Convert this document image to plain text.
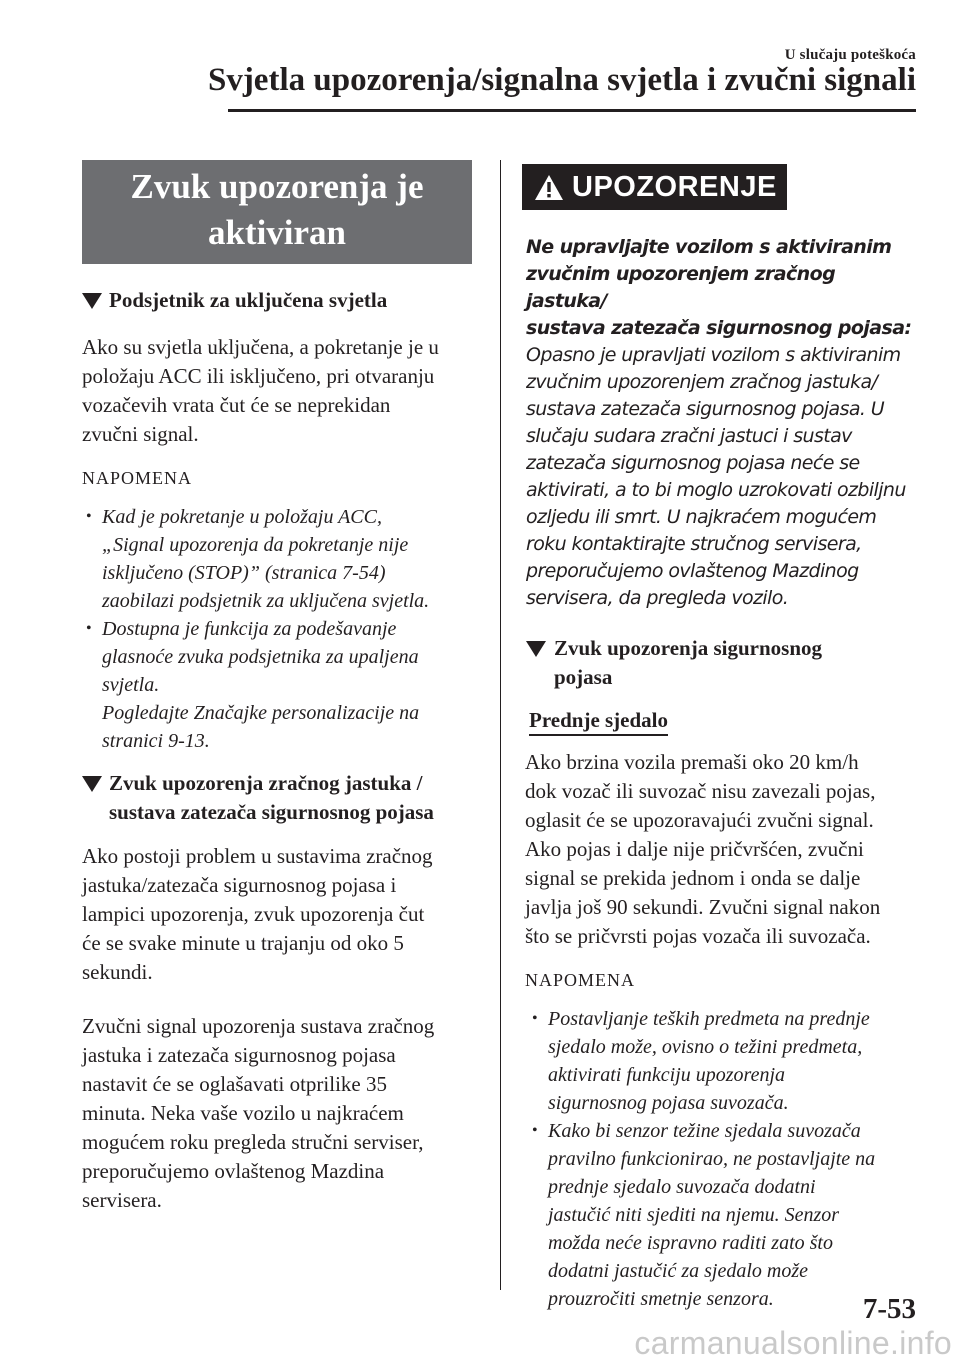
U slučaju poteškoća
Svjetla upozorenja/signalna svjetla i zvučni signali
Zvuk upozorenja je
aktiviran
Podsjetnik za uključena svjetla
Ako su svjetla uključena, a pokretanje je u
položaju ACC ili isključeno, pri otvaranju
vozačevih vrata čut će se neprekidan
zvučni signal.
NAPOMENA
• Kad je pokretanje u položaju ACC,
„Signal upozorenja da pokretanje nije
isključeno (STOP)” (stranica 7-54)
zaobilazi podsjetnik za uključena svjetla.
• Dostupna je funkcija za podešavanje
glasnoće zvuka podsjetnika za upaljena
svjetla.
Pogledajte Značajke personalizacije na
stranici 9-13.
Zvuk upozorenja zračnog jastuka /
sustava zatezača sigurnosnog pojasa
Ako postoji problem u sustavima zračnog
jastuka/zatezača sigurnosnog pojasa i
lampici upozorenja, zvuk upozorenja čut
će se svake minute u trajanju od oko 5
sekundi.
Zvučni signal upozorenja sustava zračnog
jastuka i zatezača sigurnosnog pojasa
nastavit će se oglašavati otprilike 35
minuta. Neka vaše vozilo u najkraćem
mogućem roku pregleda stručni serviser,
preporučujemo ovlaštenog Mazdina
servisera.
UPOZORENJE
Ne upravljajte vozilom s aktiviranim
zvučnim upozorenjem zračnog jastuka/
sustava zatezača sigurnosnog pojasa:
Opasno je upravljati vozilom s aktiviranim
zvučnim upozorenjem zračnog jastuka/
sustava zatezača sigurnosnog pojasa. U
slučaju sudara zračni jastuci i sustav
zatezača sigurnosnog pojasa neće se
aktivirati, a to bi moglo uzrokovati ozbiljnu
ozljedu ili smrt. U najkraćem mogućem
roku kontaktirajte stručnog servisera,
preporučujemo ovlaštenog Mazdinog
servisera, da pregleda vozilo.
Zvuk upozorenja sigurnosnog
pojasa
Prednje sjedalo
Ako brzina vozila premaši oko 20 km/h
dok vozač ili suvozač nisu zavezali pojas,
oglasit će se upozoravajući zvučni signal.
Ako pojas i dalje nije pričvršćen, zvučni
signal se prekida jednom i onda se dalje
javlja još 90 sekundi. Zvučni signal nakon
što se pričvrsti pojas vozača ili suvozača.
NAPOMENA
• Postavljanje teških predmeta na prednje
sjedalo može, ovisno o težini predmeta,
aktivirati funkciju upozorenja
sigurnosnog pojasa suvozača.
• Kako bi senzor težine sjedala suvozača
pravilno funkcionirao, ne postavljajte na
prednje sjedalo suvozača dodatni
jastučić niti sjediti na njemu. Senzor
možda neće ispravno raditi zato što
dodatni jastučić za sjedalo može
prouzročiti smetnje senzora.	7-53
carmanualsonline.info
